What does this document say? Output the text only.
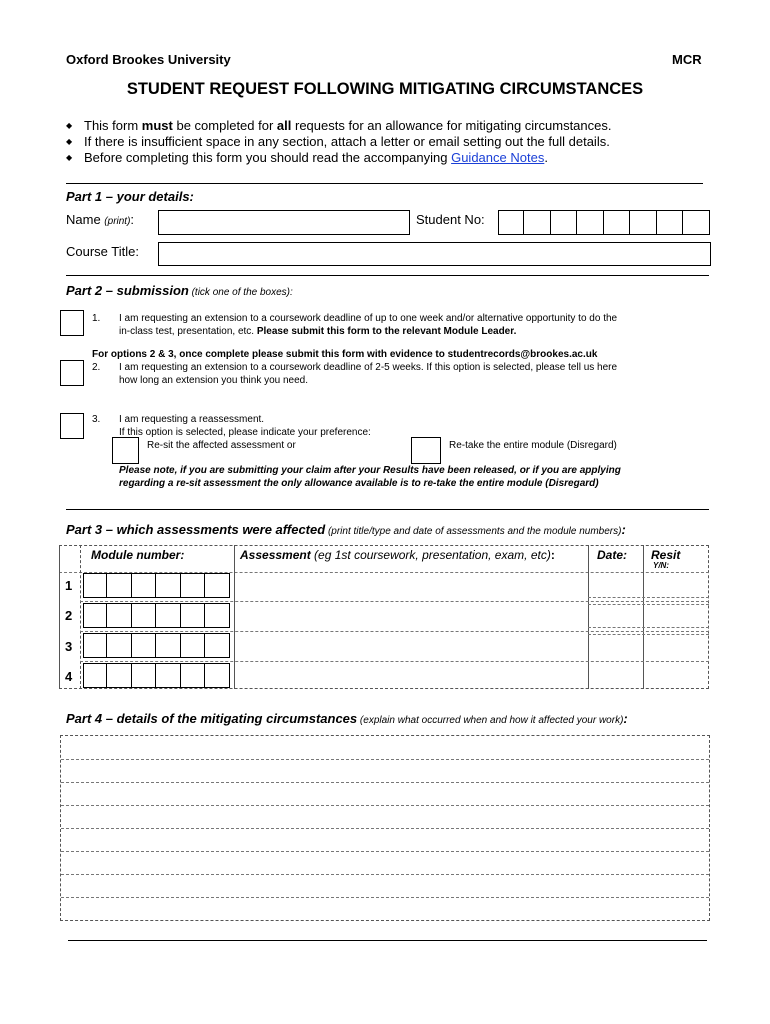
Oxford Brookes University	MCR
STUDENT REQUEST FOLLOWING MITIGATING CIRCUMSTANCES
◆ This form must be completed for all requests for an allowance for mitigating circumstances.
◆ If there is insufficient space in any section, attach a letter or email setting out the full details.
◆ Before completing this form you should read the accompanying Guidance Notes.
Part 1 – your details:
Name (print):	Student No:
Course Title:
Part 2 – submission (tick one of the boxes):
1. I am requesting an extension to a coursework deadline of up to one week and/or alternative opportunity to do the
in-class test, presentation, etc. Please submit this form to the relevant Module Leader.
For options 2 & 3, once complete please submit this form with evidence to studentrecords@brookes.ac.uk
2. I am requesting an extension to a coursework deadline of 2-5 weeks. If this option is selected, please tell us here
how long an extension you think you need.
3. I am requesting a reassessment.
If this option is selected, please indicate your preference:
Re-sit the affected assessment or	Re-take the entire module (Disregard)
Please note, if you are submitting your claim after your Results have been released, or if you are applying
regarding a re-sit assessment the only allowance available is to re-take the entire module (Disregard)
Part 3 – which assessments were affected (print title/type and date of assessments and the module numbers):
Module number:	Assessment (eg 1st coursework, presentation, exam, etc):	Date: Resit
Y/N:
1
2
3
4
Part 4 – details of the mitigating circumstances (explain what occurred when and how it affected your work):
